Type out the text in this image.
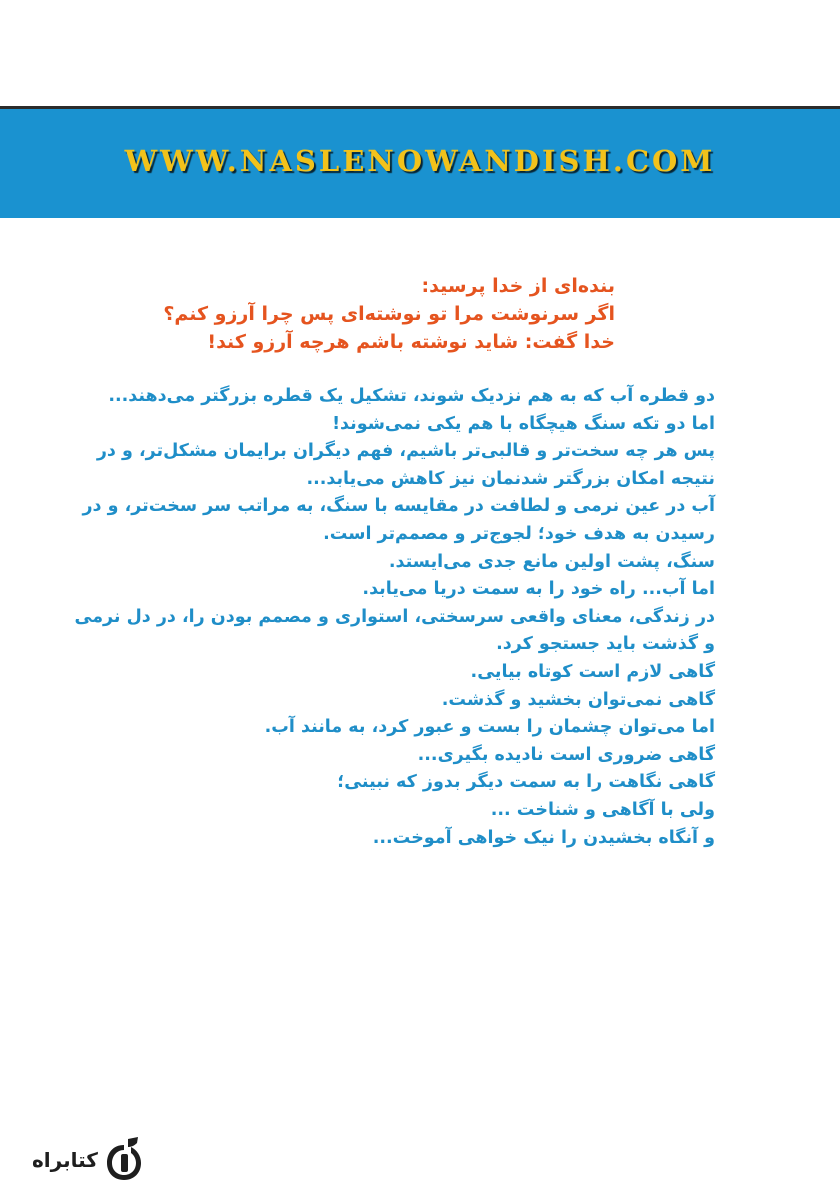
WWW.NASLENOWANDISH.COM
بنده‌ای از خدا پرسید:
اگر سرنوشت مرا تو نوشته‌ای پس چرا آرزو کنم؟
خدا گفت: شاید نوشته باشم هرچه آرزو کند!
دو قطره آب که به هم نزدیک شوند، تشکیل یک قطره بزرگتر می‌دهند...
اما دو تکه سنگ هیچگاه با هم یکی نمی‌شوند!
پس هر چه سخت‌تر و قالبی‌تر باشیم، فهم دیگران برایمان مشکل‌تر، و در
نتیجه امکان بزرگتر شدنمان نیز کاهش می‌یابد...
آب در عین نرمی و لطافت در مقایسه با سنگ، به مراتب سر سخت‌تر، و در
رسیدن به هدف خود؛ لجوج‌تر و مصمم‌تر است.
سنگ، پشت اولین مانع جدی می‌ایستد.
اما آب... راه خود را به سمت دریا می‌یابد.
در زندگی، معنای واقعی سرسختی، استواری و مصمم بودن را، در دل نرمی
و گذشت باید جستجو کرد.
گاهی لازم است کوتاه بیایی.
گاهی نمی‌توان بخشید و گذشت.
اما می‌توان چشمان را بست و عبور کرد، به مانند آب.
گاهی ضروری است نادیده بگیری...
گاهی نگاهت را به سمت دیگر بدوز که نبینی؛
ولی با آگاهی و شناخت ...
و آنگاه بخشیدن را نیک خواهی آموخت...
کتابراه
